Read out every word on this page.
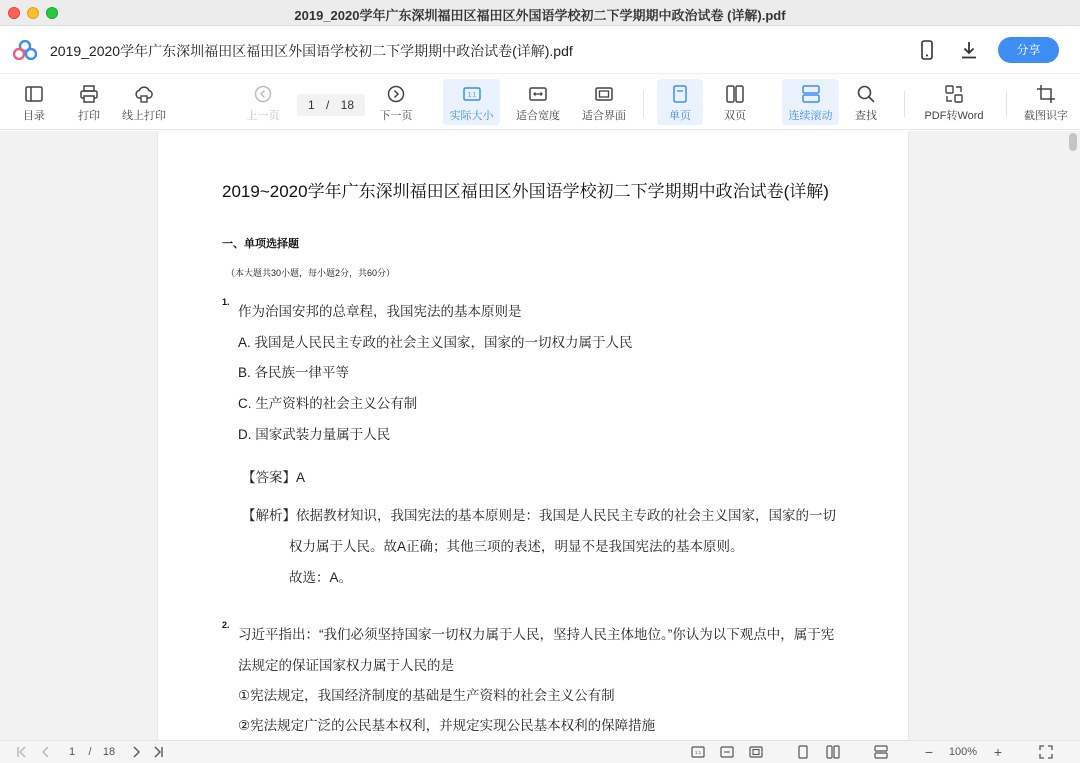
2019_2020学年广东深圳福田区福田区外国语学校初二下学期期中政治试卷 (详解).pdf
2019_2020学年广东深圳福田区福田区外国语学校初二下学期期中政治试卷(详解).pdf	分享
目录	打印	线上打印	上一页
1 / 18
下一页
1:1
实际大小	适合宽度	适合界面	单页	双页	连续滚动	查找	PDF转Word	截图识字
2019~2020学年广东深圳福田区福田区外国语学校初二下学期期中政治试卷(详解)
一、单项选择题
（本大题共30小题，每小题2分，共60分）
1.
作为治国安邦的总章程，我国宪法的基本原则是
A. 我国是人民民主专政的社会主义国家，国家的一切权力属于人民
B. 各民族一律平等
C. 生产资料的社会主义公有制
D. 国家武装力量属于人民
【答案】A
【解析】依据教材知识，我国宪法的基本原则是：我国是人民民主专政的社会主义国家，国家的一切
权力属于人民。故A正确；其他三项的表述，明显不是我国宪法的基本原则。
故选：A。
2.
习近平指出：“我们必须坚持国家一切权力属于人民，坚持人民主体地位。”你认为以下观点中，属于宪
法规定的保证国家权力属于人民的是
①宪法规定，我国经济制度的基础是生产资料的社会主义公有制
②宪法规定广泛的公民基本权利，并规定实现公民基本权利的保障措施
1	/	18	1:1	−	100%	+
